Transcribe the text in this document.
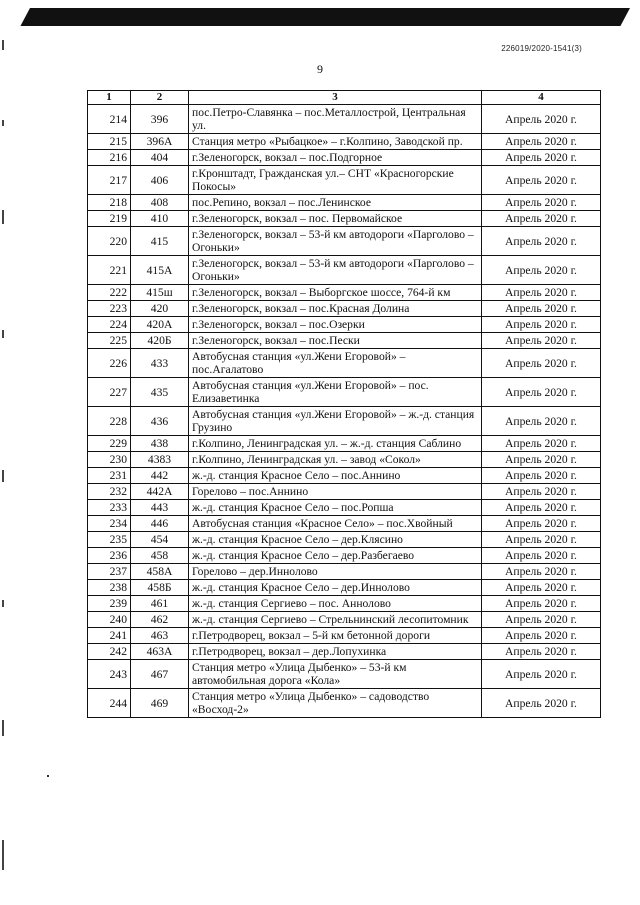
226019/2020-1541(3)
9
1	2	3	4
214	396	пос.Петро-Славянка – пос.Металлострой, Центральная ул.	Апрель 2020 г.
215	396А	Станция метро «Рыбацкое» – г.Колпино, Заводской пр.	Апрель 2020 г.
216	404	г.Зеленогорск, вокзал – пос.Подгорное	Апрель 2020 г.
217	406	г.Кронштадт, Гражданская ул.– СНТ «Красногорские Покосы»	Апрель 2020 г.
218	408	пос.Репино, вокзал – пос.Ленинское	Апрель 2020 г.
219	410	г.Зеленогорск, вокзал – пос. Первомайское	Апрель 2020 г.
220	415	г.Зеленогорск, вокзал – 53-й км автодороги «Парголово – Огоньки»	Апрель 2020 г.
221	415А	г.Зеленогорск, вокзал – 53-й км автодороги «Парголово – Огоньки»	Апрель 2020 г.
222	415ш	г.Зеленогорск, вокзал – Выборгское шоссе, 764-й км	Апрель 2020 г.
223	420	г.Зеленогорск, вокзал – пос.Красная Долина	Апрель 2020 г.
224	420А	г.Зеленогорск, вокзал – пос.Озерки	Апрель 2020 г.
225	420Б	г.Зеленогорск, вокзал – пос.Пески	Апрель 2020 г.
226	433	Автобусная станция «ул.Жени Егоровой» – пос.Агалатово	Апрель 2020 г.
227	435	Автобусная станция «ул.Жени Егоровой» – пос. Елизаветинка	Апрель 2020 г.
228	436	Автобусная станция «ул.Жени Егоровой» – ж.-д. станция Грузино	Апрель 2020 г.
229	438	г.Колпино, Ленинградская ул. – ж.-д. станция Саблино	Апрель 2020 г.
230	4383	г.Колпино, Ленинградская ул. – завод «Сокол»	Апрель 2020 г.
231	442	ж.-д. станция Красное Село – пос.Аннино	Апрель 2020 г.
232	442А	Горелово – пос.Аннино	Апрель 2020 г.
233	443	ж.-д. станция Красное Село – пос.Ропша	Апрель 2020 г.
234	446	Автобусная станция «Красное Село» – пос.Хвойный	Апрель 2020 г.
235	454	ж.-д. станция Красное Село – дер.Клясино	Апрель 2020 г.
236	458	ж.-д. станция Красное Село – дер.Разбегаево	Апрель 2020 г.
237	458А	Горелово – дер.Иннолово	Апрель 2020 г.
238	458Б	ж.-д. станция Красное Село – дер.Иннолово	Апрель 2020 г.
239	461	ж.-д. станция Сергиево – пос. Аннолово	Апрель 2020 г.
240	462	ж.-д. станция Сергиево – Стрельнинский лесопитомник	Апрель 2020 г.
241	463	г.Петродворец, вокзал – 5-й км бетонной дороги	Апрель 2020 г.
242	463А	г.Петродворец, вокзал – дер.Лопухинка	Апрель 2020 г.
243	467	Станция метро «Улица Дыбенко» – 53-й км автомобильная дорога «Кола»	Апрель 2020 г.
244	469	Станция метро «Улица Дыбенко» – садоводство «Восход-2»	Апрель 2020 г.
